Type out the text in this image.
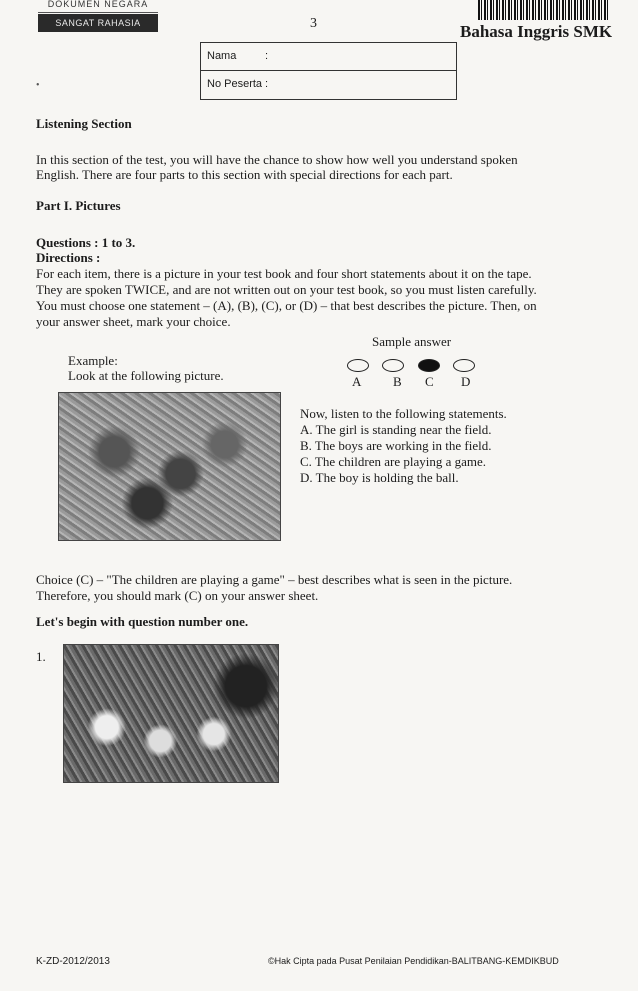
DOKUMEN NEGARA
SANGAT RAHASIA	3	Bahasa Inggris SMK
Nama	:
No Peserta :
•
Listening Section
In this section of the test, you will have the chance to show how well you understand spoken
English. There are four parts to this section with special directions for each part.
Part I. Pictures
Questions : 1 to 3.
Directions :
For each item, there is a picture in your test book and four short statements about it on the tape.
They are spoken TWICE, and are not written out on your test book, so you must listen carefully.
You must choose one statement – (A), (B), (C), or (D) – that best describes the picture. Then, on
your answer sheet, mark your choice.
Sample answer
A B C D
Example:
Look at the following picture.
Now, listen to the following statements.
A. The girl is standing near the field.
B. The boys are working in the field.
C. The children are playing a game.
D. The boy is holding the ball.
Choice (C) – "The children are playing a game" – best describes what is seen in the picture.
Therefore, you should mark (C) on your answer sheet.
Let's begin with question number one.
1.
K-ZD-2012/2013	©Hak Cipta pada Pusat Penilaian Pendidikan-BALITBANG-KEMDIKBUD
